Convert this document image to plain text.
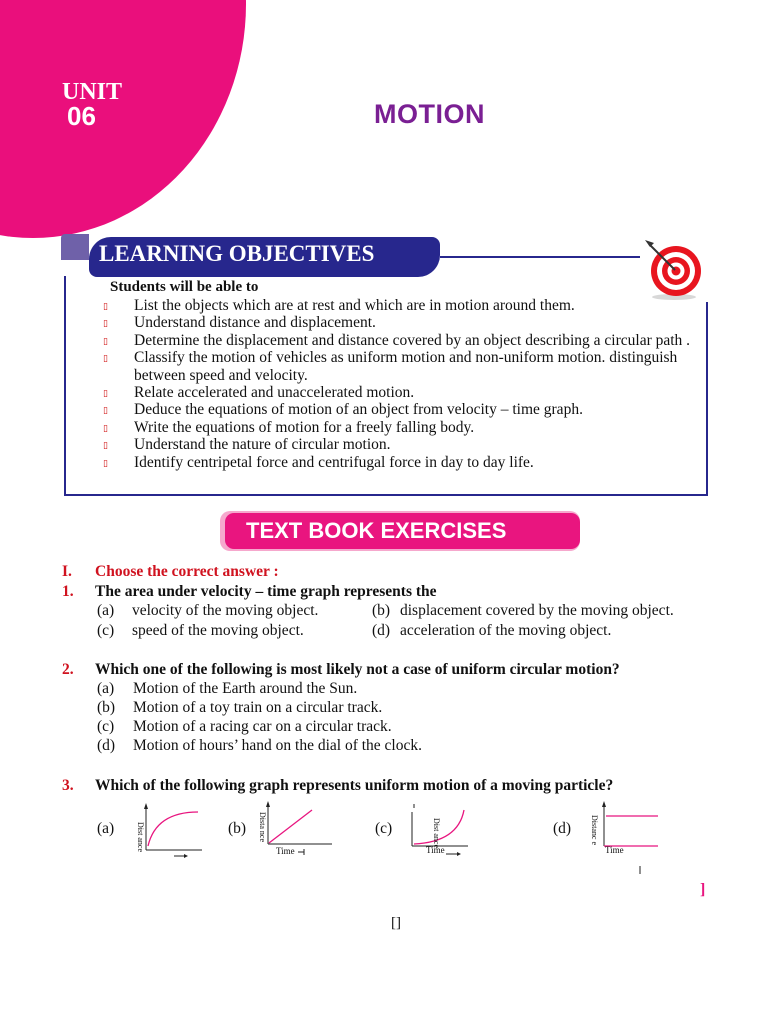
UNIT
06	MOTION
LEARNING OBJECTIVES
Students will be able to
▯ List the objects which are at rest and which are in motion around them.
▯ Understand distance and displacement.
▯ Determine the displacement and distance covered by an object describing a circular path .
▯ Classify the motion of vehicles as uniform motion and non-uniform motion. distinguish between speed and velocity.
▯ Relate accelerated and unaccelerated motion.
▯ Deduce the equations of motion of an object from velocity – time graph.
▯ Write the equations of motion for a freely falling body.
▯ Understand the nature of circular motion.
▯ Identify centripetal force and centrifugal force in day to day life.
TEXT BOOK EXERCISES
I. Choose the correct answer :
1. The area under velocity – time graph represents the
(a) velocity of the moving object.	(b) displacement covered by the moving object.
(c) speed of the moving object.	(d) acceleration of the moving object.
2. Which one of the following is most likely not a case of uniform circular motion?
(a) Motion of the Earth around the Sun.
(b) Motion of a toy train on a circular track.
(c) Motion of a racing car on a circular track.
(d) Motion of hours’ hand on the dial of the clock.
3. Which of the following graph represents uniform motion of a moving particle?
(a)	Dist ance	(b) Dista nce
Time
(c)	Dist ance
Time
(d) Distanc e
Time
]
[]
